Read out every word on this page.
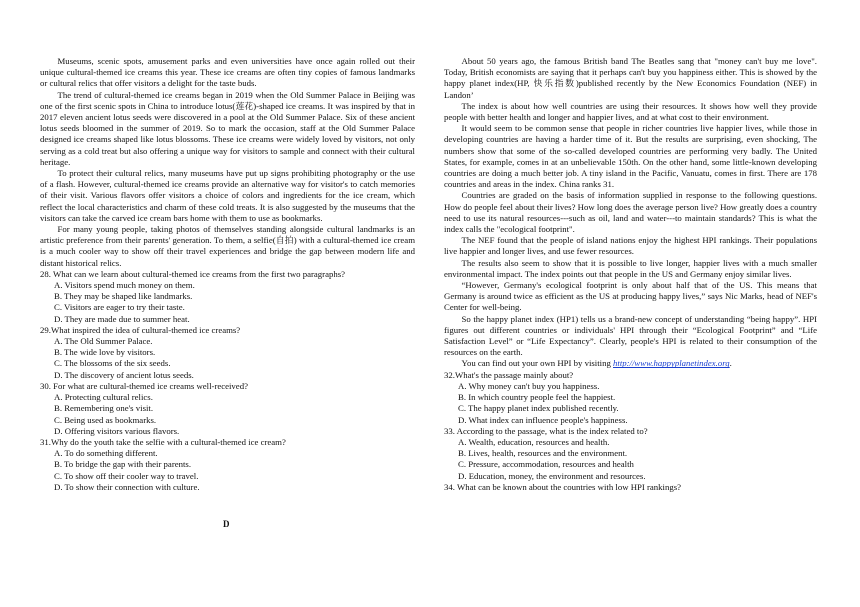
Museums, scenic spots, amusement parks and even universities have once again rolled out their unique cultural-themed ice creams this year. These ice creams are often tiny copies of famous landmarks or cultural relics that offer visitors a delight for the taste buds.

The trend of cultural-themed ice creams began in 2019 when the Old Summer Palace in Beijing was one of the first scenic spots in China to introduce lotus(莲花)-shaped ice creams. It was inspired by that in 2017 eleven ancient lotus seeds were discovered in a pool at the Old Summer Palace. Six of these ancient lotus seeds bloomed in the summer of 2019. So to mark the occasion, staff at the Old Summer Palace designed ice creams shaped like lotus blossoms. These ice creams were widely loved by visitors, not only serving as a cold treat but also offering a unique way for visitors to sample and connect with their cultural heritage.

To protect their cultural relics, many museums have put up signs prohibiting photography or the use of a flash. However, cultural-themed ice creams provide an alternative way for visitor's to catch memories of their visit. Various flavors offer visitors a choice of colors and ingredients for the ice cream, which reflect the local characteristics and charm of these cold treats. It is also suggested by the museums that the visitors can take the carved ice cream bars home with them to use as bookmarks.

For many young people, taking photos of themselves standing alongside cultural landmarks is an artistic preference from their parents' generation. To them, a selfie(自拍) with a cultural-themed ice cream is a much cooler way to show off their travel experiences and bridge the gap between modern life and distant historical relics.

28. What can we learn about cultural-themed ice creams from the first two paragraphs?

A. Visitors spend much money on them.

B. They may be shaped like landmarks.

C. Visitors are eager to try their taste.

D. They are made due to summer heat.

29.What inspired the idea of cultural-themed ice creams?

A. The Old Summer Palace.

B. The wide love by visitors.

C. The blossoms of the six seeds.

D. The discovery of ancient lotus seeds.

30. For what are cultural-themed ice creams well-received?

A. Protecting cultural relics.

B. Remembering one's visit.

C. Being used as bookmarks.

D. Offering visitors various flavors.

31.Why do the youth take the selfie with a cultural-themed ice cream?

A. To do something different.

B. To bridge the gap with their parents.

C. To show off their cooler way to travel.

D. To show their connection with culture.

D

About 50 years ago, the famous British band The Beatles sang that "money can't buy me love". Today, British economists are saying that it perhaps can't buy you happiness either. This is showed by the happy planet index(HP, 快乐指数)published recently by the New Economics Foundation (NEF) in Landon’

The index is about how well countries are using their resources. It shows how well they provide people with better health and longer and happier lives, and at what cost to their environment.

It would seem to be common sense that people in richer countries live happier lives, while those in developing countries are having a harder time of it. But the results are surprising, even shocking, The numbers show that some of the so-called developed countries are performing very badly. The United States, for example, comes in at an unbelievable 150th. On the other hand, some little-known developing countries are doing a much better job. A tiny island in the Pacific, Vanuatu, comes in first. There are 178 countries and areas in the index. China ranks 31.

Countries are graded on the basis of information supplied in response to the following questions. How do people feel about their lives? How long does the average person live? How greatly does a country need to use its natural resources---such as oil, land and water---to maintain standards? This is what the index calls the "ecological footprint".

The NEF found that the people of island nations enjoy the highest HPI rankings. Their populations live happier and longer lives, and use fewer resources.

The results also seem to show that it is possible to live longer, happier lives with a much smaller environmental impact. The index points out that people in the US and Germany enjoy similar lives.

“However, Germany's ecological footprint is only about half that of the US. This means that Germany is around twice as efficient as the US at producing happy lives,” says Nic Marks, head of NEF's Center for well-being.

So the happy planet index (HP1) tells us a brand-new concept of understanding “being happy”. HPI figures out different countries or individuals' HPI through their “Ecological Footprint” and “Life Satisfaction Level” or “Life Expectancy”. Clearly, people's HPI is related to their consumption of the resources on the earth.

You can find out your own HPI by visiting http://www.happyplanetindex.org.

32.What's the passage mainly about?

A. Why money can't buy you happiness.

B. In which country people feel the happiest.

C. The happy planet index published recently.

D. What index can influence people's happiness.

33. According to the passage, what is the index related to?

A. Wealth, education, resources and health.

B. Lives, health, resources and the environment.

C. Pressure, accommodation, resources and health

D. Education, money, the environment and resources.

34. What can be known about the countries with low HPI rankings?
